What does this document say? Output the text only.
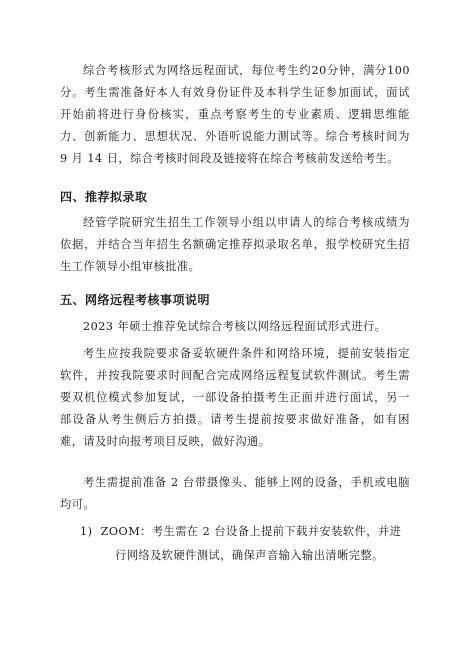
综合考核形式为网络远程面试，每位考生约20分钟，满分100分。考生需准备好本人有效身份证件及本科学生证参加面试，面试开始前将进行身份核实，重点考察考生的专业素质、逻辑思维能力、创新能力、思想状况、外语听说能力测试等。综合考核时间为 9 月 14 日，综合考核时间段及链接将在综合考核前发送给考生。

四、推荐拟录取

经管学院研究生招生工作领导小组以申请人的综合考核成绩为依据，并结合当年招生名额确定推荐拟录取名单，报学校研究生招生工作领导小组审核批准。

五、网络远程考核事项说明

2023 年硕士推荐免试综合考核以网络远程面试形式进行。

考生应按我院要求备妥软硬件条件和网络环境，提前安装指定软件，并按我院要求时间配合完成网络远程复试软件测试。考生需要双机位模式参加复试，一部设备拍摄考生正面并进行面试，另一部设备从考生侧后方拍摄。请考生提前按要求做好准备，如有困难，请及时向报考项目反映，做好沟通。

考生需提前准备 2 台带摄像头、能够上网的设备，手机或电脑均可。

1) ZOOM：考生需在 2 台设备上提前下载并安装软件，并进行网络及软硬件测试，确保声音输入输出清晰完整。
